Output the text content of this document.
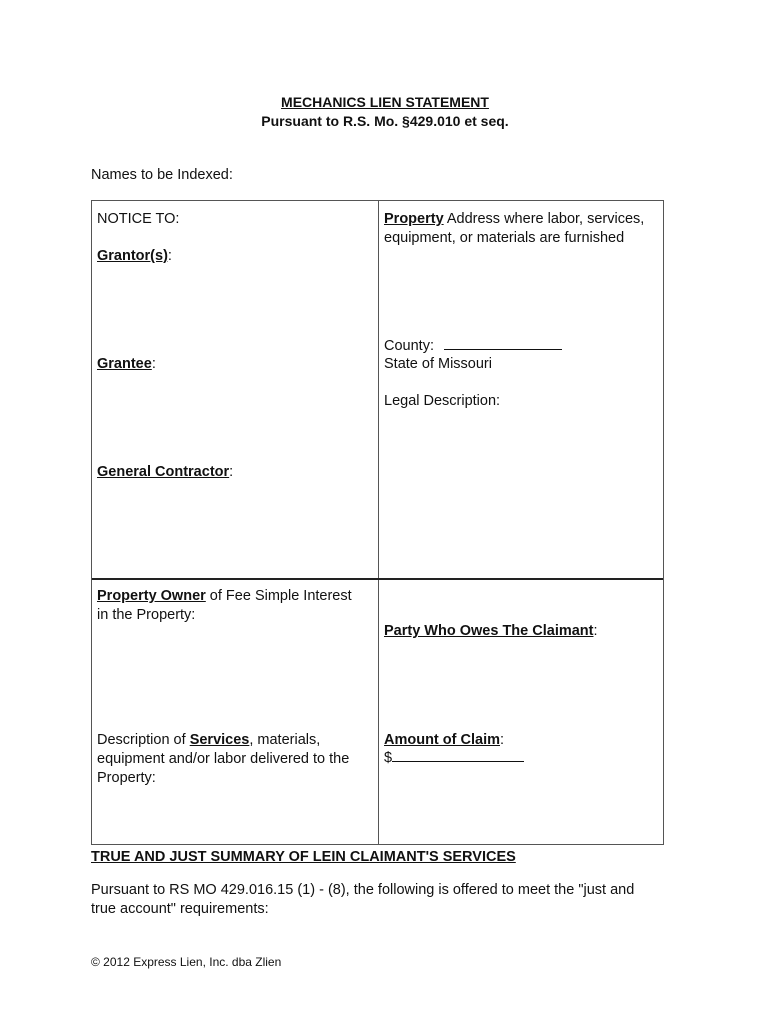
MECHANICS LIEN STATEMENT
Pursuant to R.S. Mo. §429.010 et seq.
Names to be Indexed:
NOTICE TO:
Grantor(s):
Grantee:
General Contractor:
Property Address where labor, services,
equipment, or materials are furnished
County:
State of Missouri
Legal Description:
Property Owner of Fee Simple Interest
in the Property:
Description of Services, materials,
equipment and/or labor delivered to the
Property:
Party Who Owes The Claimant:
Amount of Claim:
$
TRUE AND JUST SUMMARY OF LEIN CLAIMANT'S SERVICES
Pursuant to RS MO 429.016.15 (1) - (8), the following is offered to meet the "just and
true account" requirements:
© 2012 Express Lien, Inc. dba Zlien
